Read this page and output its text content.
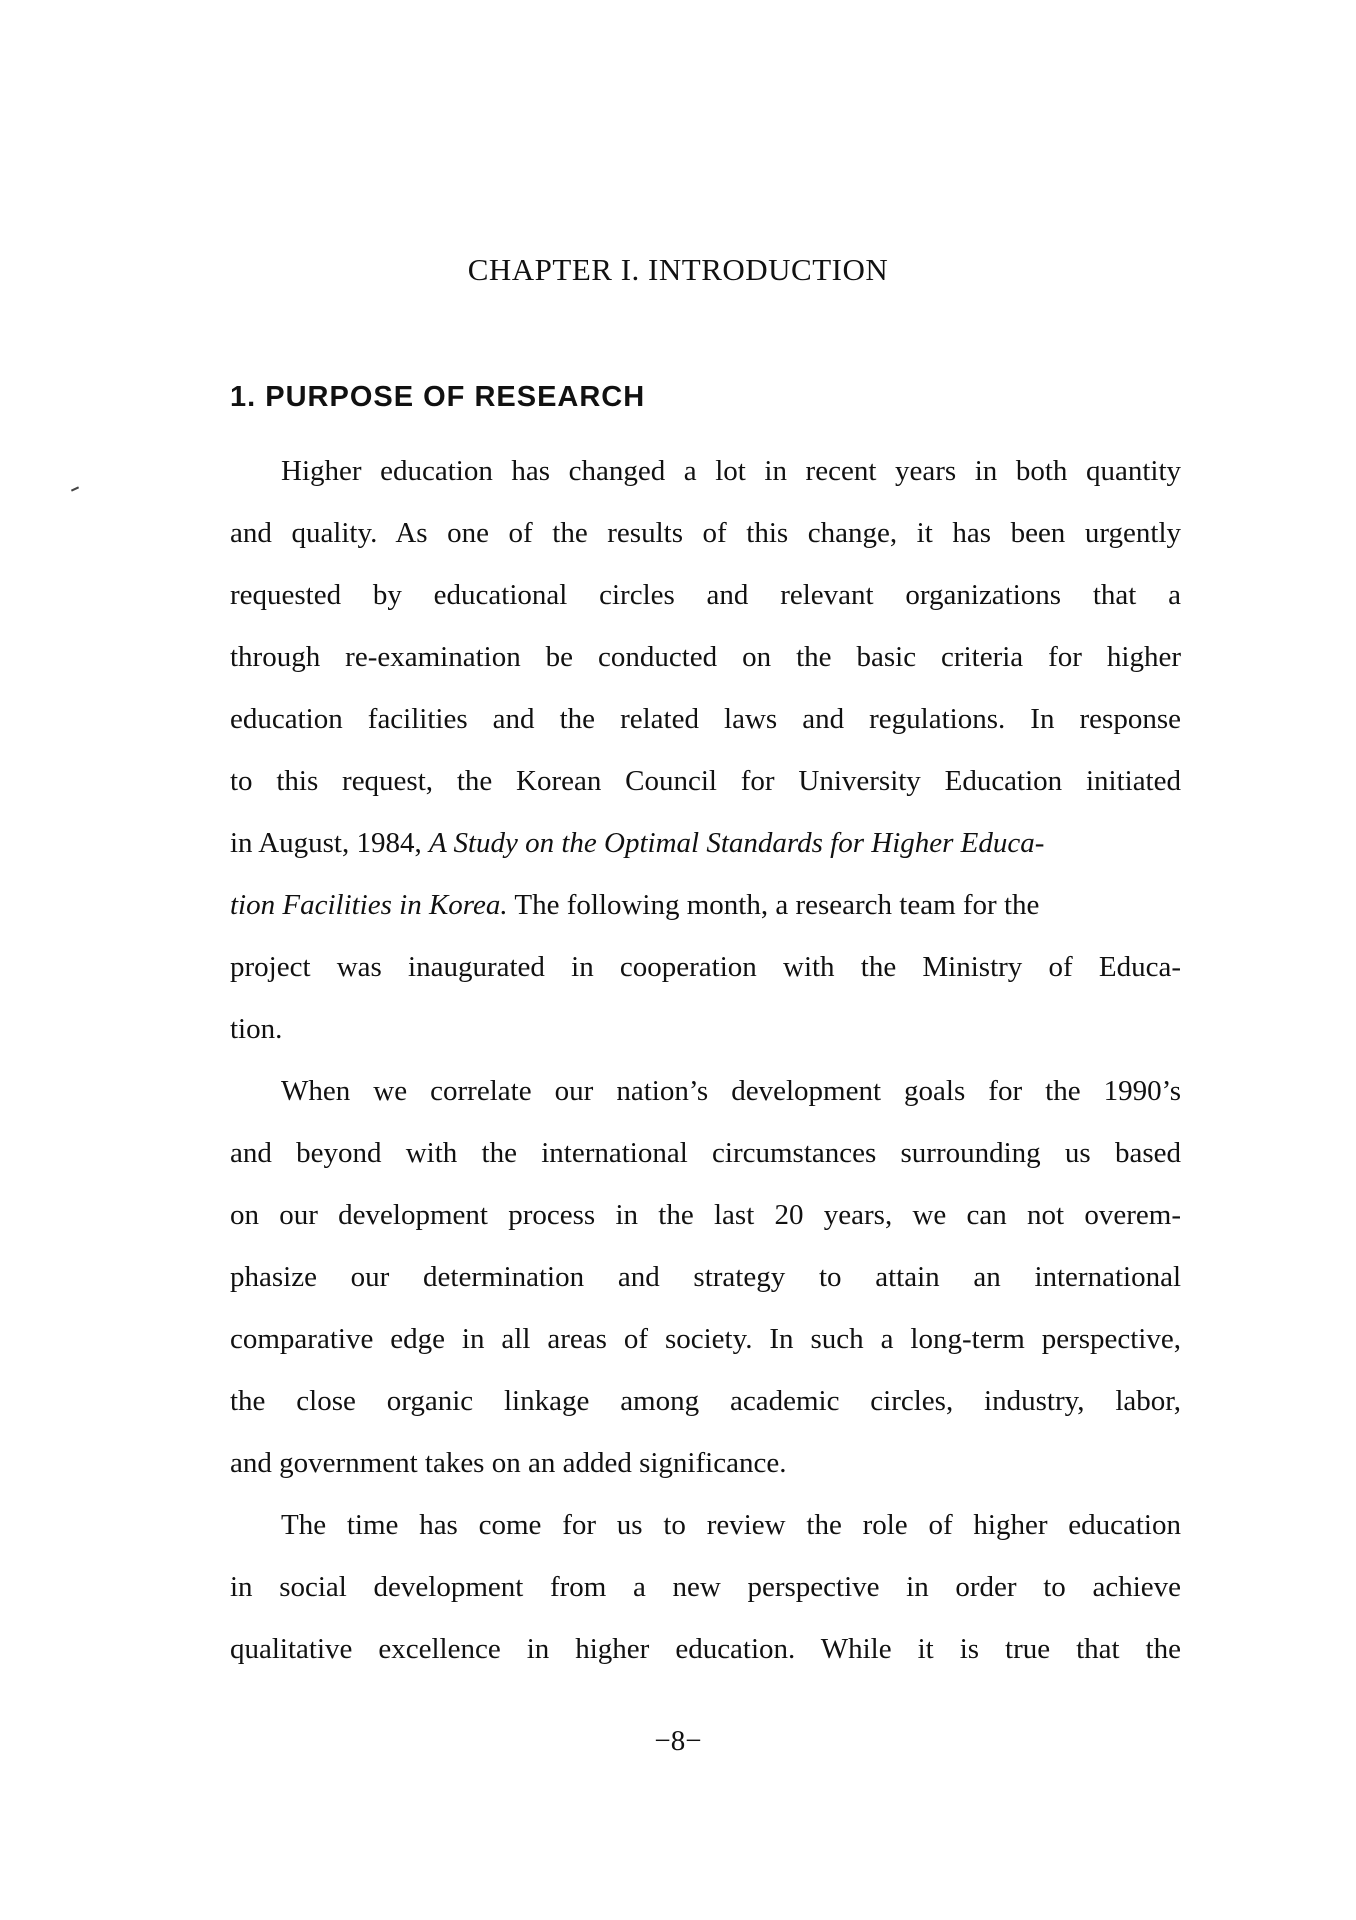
CHAPTER I. INTRODUCTION
1. PURPOSE OF RESEARCH
Higher education has changed a lot in recent years in both quantity
and quality. As one of the results of this change, it has been urgently
requested by educational circles and relevant organizations that a
through re-examination be conducted on the basic criteria for higher
education facilities and the related laws and regulations. In response
to this request, the Korean Council for University Education initiated
in August, 1984, A Study on the Optimal Standards for Higher Educa-
tion Facilities in Korea. The following month, a research team for the
project was inaugurated in cooperation with the Ministry of Educa-
tion.
When we correlate our nation’s development goals for the 1990’s
and beyond with the international circumstances surrounding us based
on our development process in the last 20 years, we can not overem-
phasize our determination and strategy to attain an international
comparative edge in all areas of society. In such a long-term perspective,
the close organic linkage among academic circles, industry, labor,
and government takes on an added significance.
The time has come for us to review the role of higher education
in social development from a new perspective in order to achieve
qualitative excellence in higher education. While it is true that the

−8−
